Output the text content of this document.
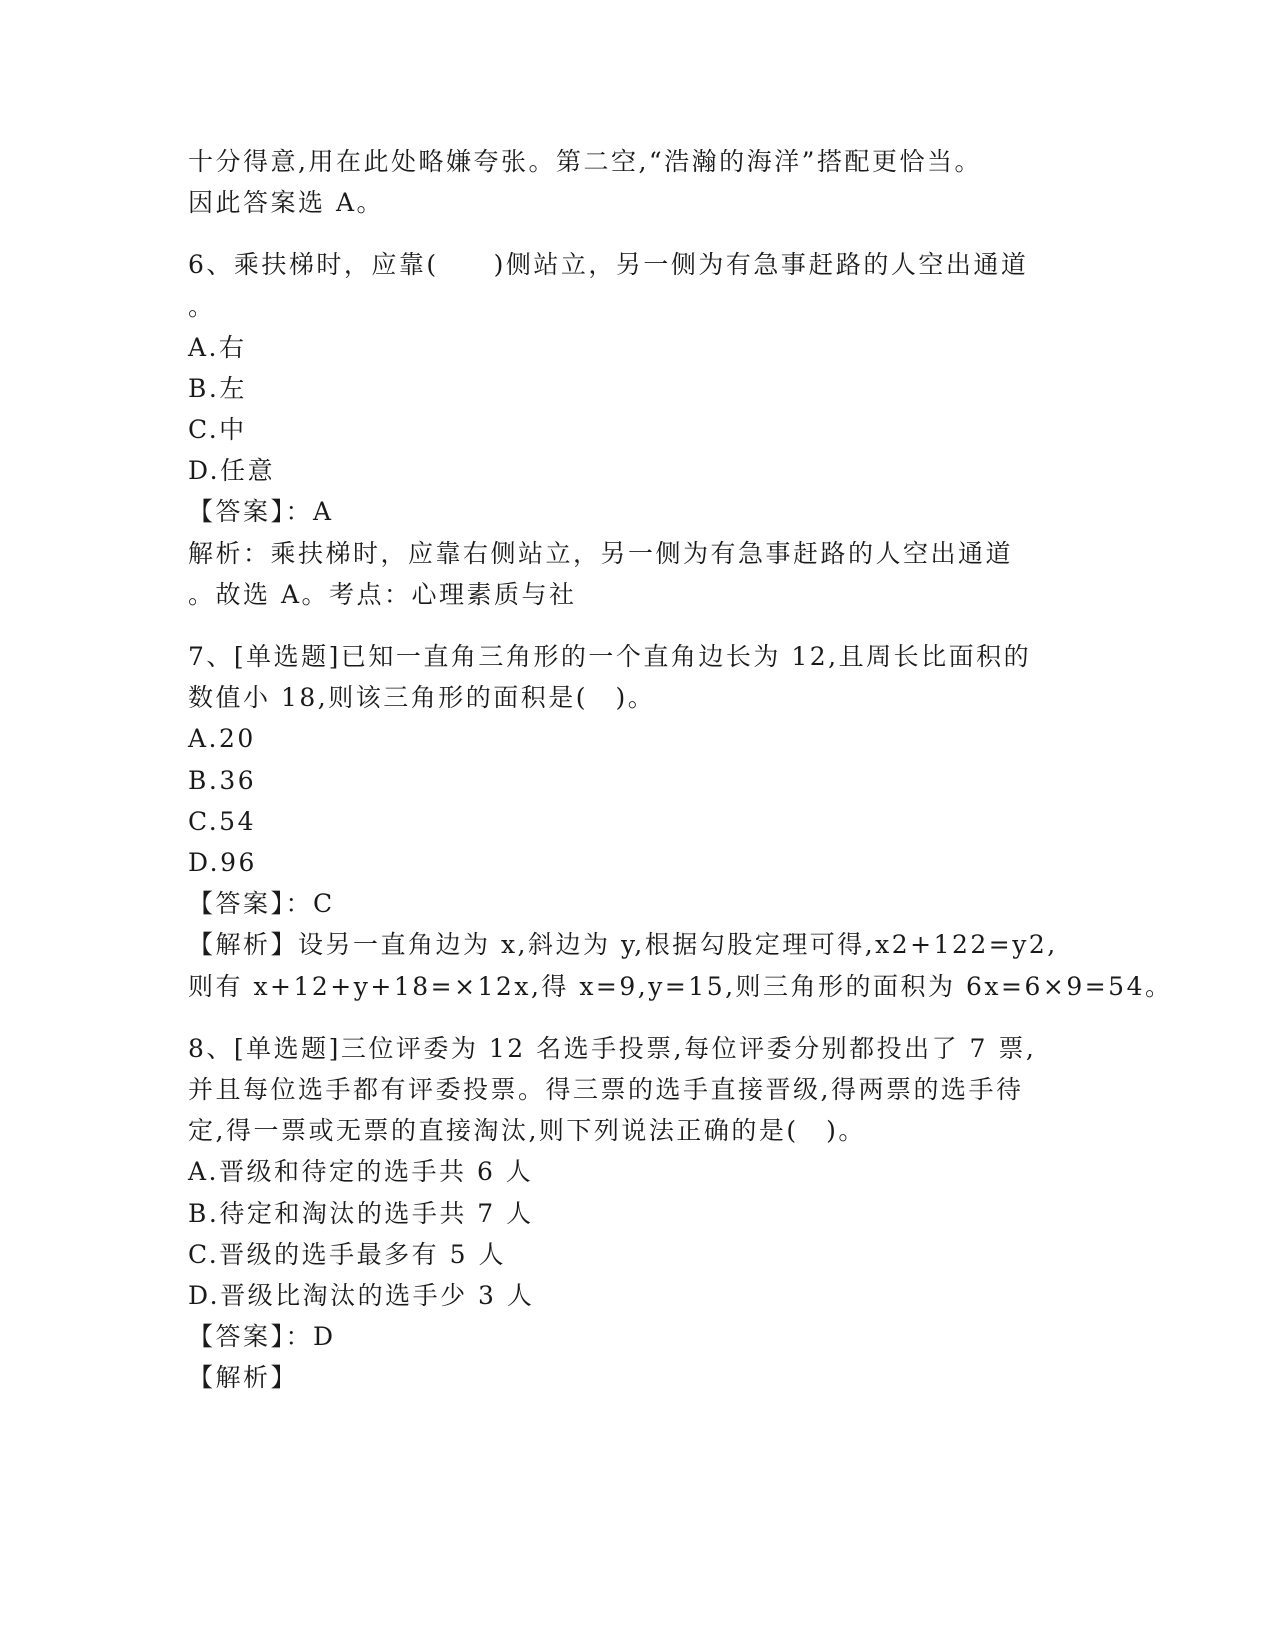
十分得意,用在此处略嫌夸张。第二空,“浩瀚的海洋”搭配更恰当。
因此答案选 A。
6、乘扶梯时，应靠(　　)侧站立，另一侧为有急事赶路的人空出通道
。
A.右
B.左
C.中
D.任意
【答案】：A
解析：乘扶梯时，应靠右侧站立，另一侧为有急事赶路的人空出通道
。故选 A。考点：心理素质与社
7、[单选题]已知一直角三角形的一个直角边长为 12,且周长比面积的
数值小 18,则该三角形的面积是(　)。
A.20
B.36
C.54
D.96
【答案】：C
【解析】设另一直角边为 x,斜边为 y,根据勾股定理可得,x2+122=y2,
则有 x+12+y+18=×12x,得 x=9,y=15,则三角形的面积为 6x=6×9=54。
8、[单选题]三位评委为 12 名选手投票,每位评委分别都投出了 7 票,
并且每位选手都有评委投票。得三票的选手直接晋级,得两票的选手待
定,得一票或无票的直接淘汰,则下列说法正确的是(　)。
A.晋级和待定的选手共 6 人
B.待定和淘汰的选手共 7 人
C.晋级的选手最多有 5 人
D.晋级比淘汰的选手少 3 人
【答案】：D
【解析】
